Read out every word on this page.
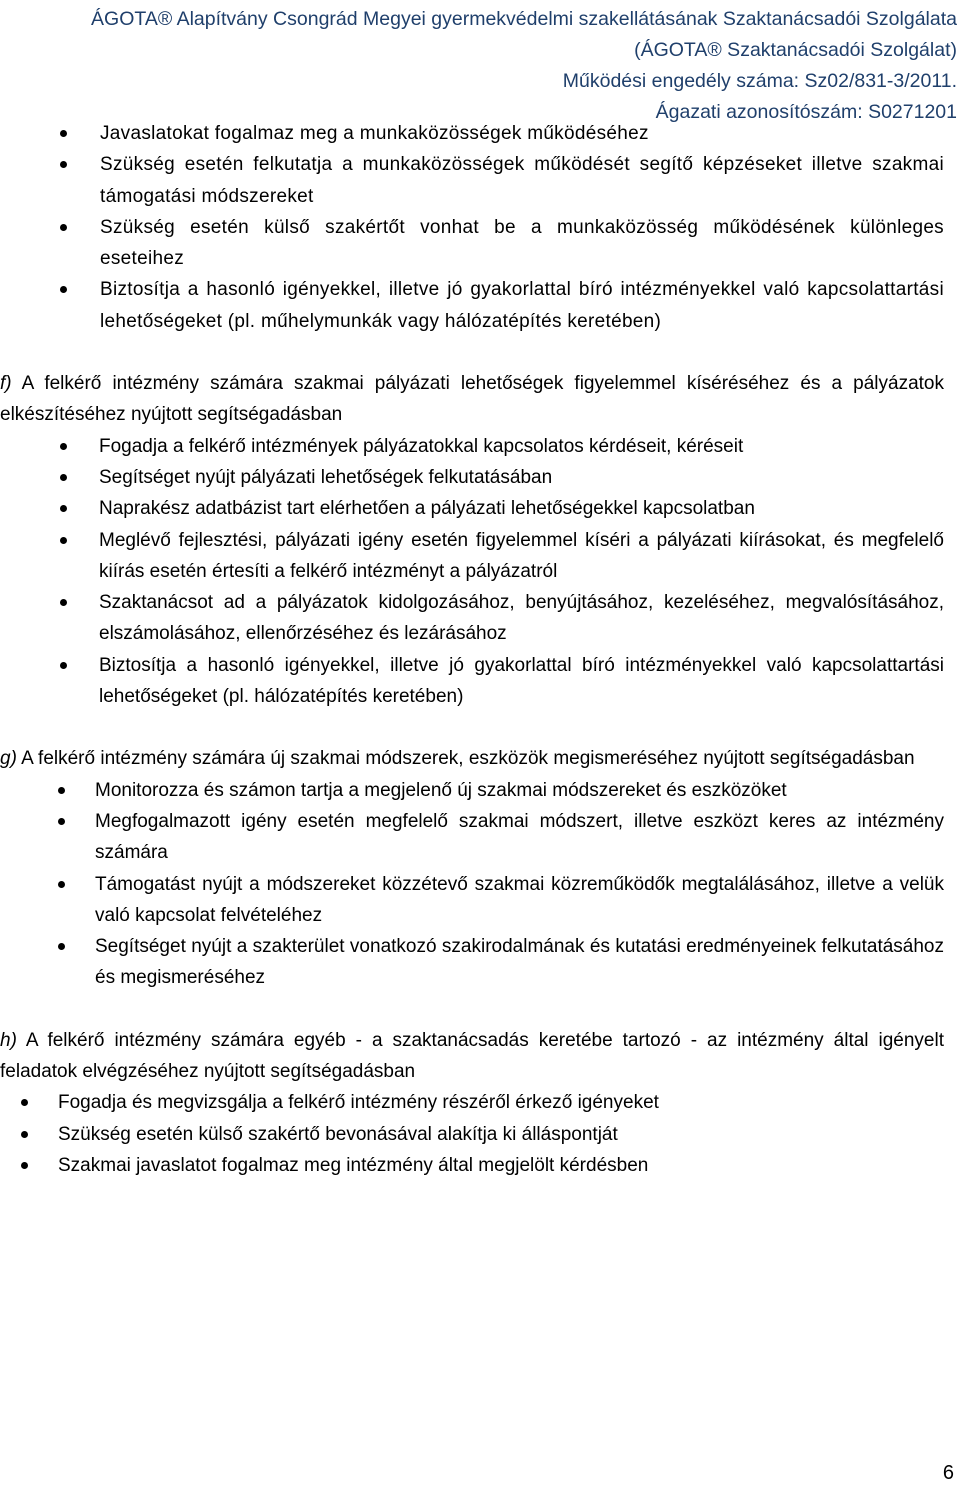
ÁGOTA® Alapítvány Csongrád Megyei gyermekvédelmi szakellátásának Szaktanácsadói Szolgálata
(ÁGOTA® Szaktanácsadói Szolgálat)
Működési engedély száma: Sz02/831-3/2011.
Ágazati azonosítószám: S0271201
Javaslatokat fogalmaz meg a munkaközösségek működéséhez
Szükség esetén felkutatja a munkaközösségek működését segítő képzéseket illetve szakmai támogatási módszereket
Szükség esetén külső szakértőt vonhat be a munkaközösség működésének különleges eseteihez
Biztosítja a hasonló igényekkel, illetve jó gyakorlattal bíró intézményekkel való kapcsolattartási lehetőségeket (pl. műhelymunkák vagy hálózatépítés keretében)
f) A felkérő intézmény számára szakmai pályázati lehetőségek figyelemmel kíséréséhez és a pályázatok elkészítéséhez nyújtott segítségadásban
Fogadja a felkérő intézmények pályázatokkal kapcsolatos kérdéseit, kéréseit
Segítséget nyújt pályázati lehetőségek felkutatásában
Naprakész adatbázist tart elérhetően a pályázati lehetőségekkel kapcsolatban
Meglévő fejlesztési, pályázati igény esetén figyelemmel kíséri a pályázati kiírásokat, és megfelelő kiírás esetén értesíti a felkérő intézményt a pályázatról
Szaktanácsot ad a pályázatok kidolgozásához, benyújtásához, kezeléséhez, megvalósításához, elszámolásához, ellenőrzéséhez és lezárásához
Biztosítja a hasonló igényekkel, illetve jó gyakorlattal bíró intézményekkel való kapcsolattartási lehetőségeket (pl. hálózatépítés keretében)
g) A felkérő intézmény számára új szakmai módszerek, eszközök megismeréséhez nyújtott segítségadásban
Monitorozza és számon tartja a megjelenő új szakmai módszereket és eszközöket
Megfogalmazott igény esetén megfelelő szakmai módszert, illetve eszközt keres az intézmény számára
Támogatást nyújt a módszereket közzétevő szakmai közreműködők megtalálásához, illetve a velük való kapcsolat felvételéhez
Segítséget nyújt a szakterület vonatkozó szakirodalmának és kutatási eredményeinek felkutatásához és megismeréséhez
h) A felkérő intézmény számára egyéb - a szaktanácsadás keretébe tartozó - az intézmény által igényelt feladatok elvégzéséhez nyújtott segítségadásban
Fogadja és megvizsgálja a felkérő intézmény részéről érkező igényeket
Szükség esetén külső szakértő bevonásával alakítja ki álláspontját
Szakmai javaslatot fogalmaz meg intézmény által megjelölt kérdésben
6
